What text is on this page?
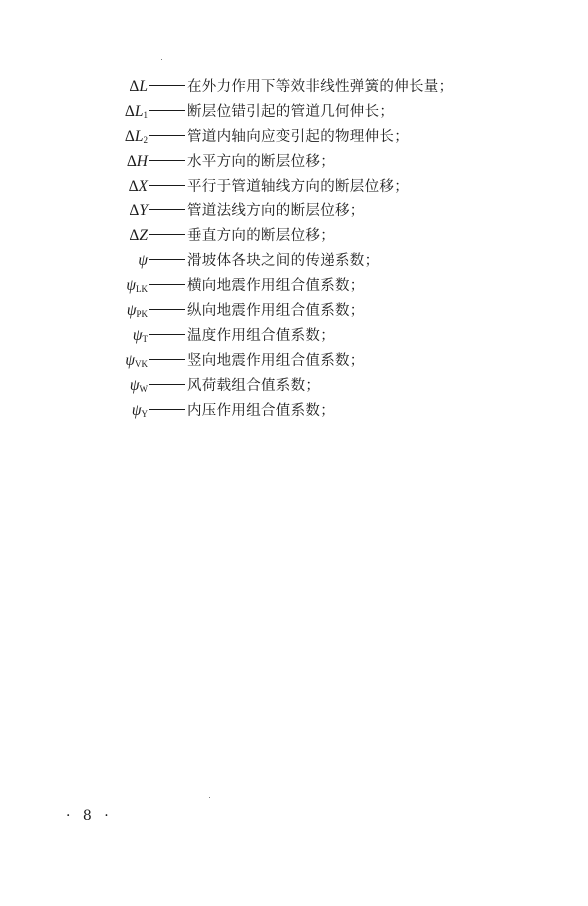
ΔL	在外力作用下等效非线性弹簧的伸长量；
$\Delta L_1$	断层位错引起的管道几何伸长；
$\Delta L_2$	管道内轴向应变引起的物理伸长；
ΔH	水平方向的断层位移；
ΔX	平行于管道轴线方向的断层位移；
ΔY	管道法线方向的断层位移；
ΔZ	垂直方向的断层位移；
ψ	滑坡体各块之间的传递系数；
$\psi_{LK}$	横向地震作用组合值系数；
$\psi_{PK}$	纵向地震作用组合值系数；
$\psi_T$	温度作用组合值系数；
$\psi_{VK}$	竖向地震作用组合值系数；
$\psi_W$	风荷载组合值系数；
$\psi_Y$	内压作用组合值系数；
· 8 ·
